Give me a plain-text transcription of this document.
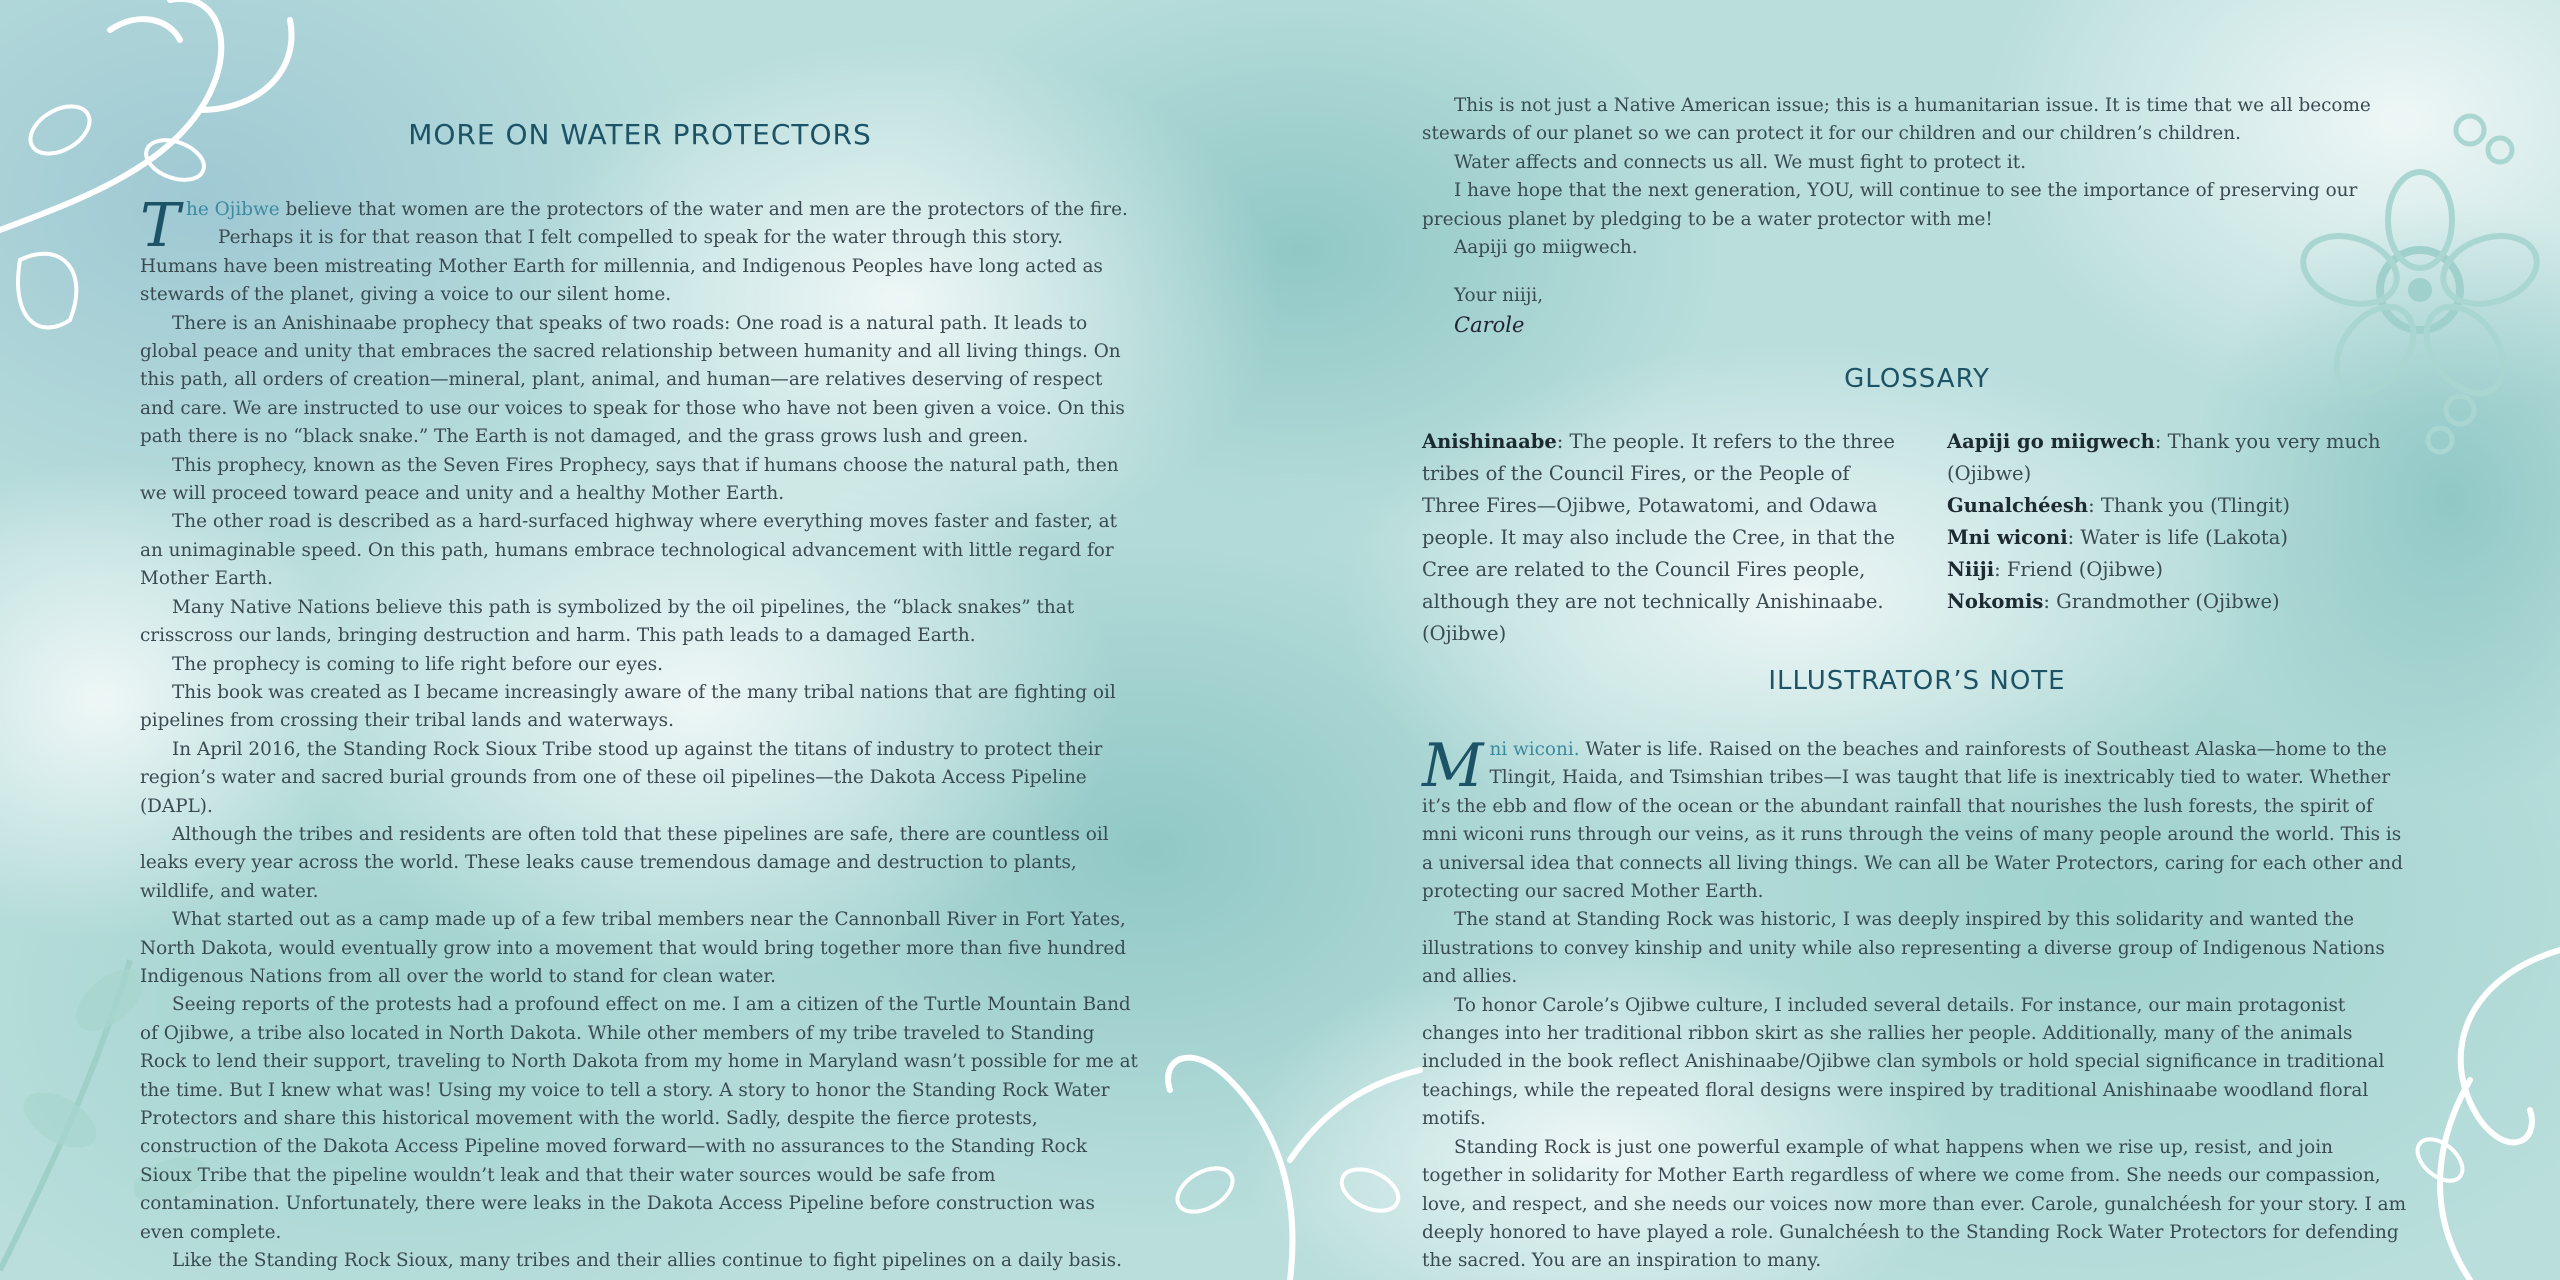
MORE ON WATER PROTECTORS

The Ojibwe believe that women are the protectors of the water and men are the protectors of the fire.

Perhaps it is for that reason that I felt compelled to speak for the water through this story. Humans have been mistreating Mother Earth for millennia, and Indigenous Peoples have long acted as stewards of the planet, giving a voice to our silent home.

There is an Anishinaabe prophecy that speaks of two roads: One road is a natural path. It leads to global peace and unity that embraces the sacred relationship between humanity and all living things. On this path, all orders of creation—mineral, plant, animal, and human—are relatives deserving of respect and care. We are instructed to use our voices to speak for those who have not been given a voice. On this path there is no “black snake.” The Earth is not damaged, and the grass grows lush and green.

This prophecy, known as the Seven Fires Prophecy, says that if humans choose the natural path, then we will proceed toward peace and unity and a healthy Mother Earth.

The other road is described as a hard-surfaced highway where everything moves faster and faster, at an unimaginable speed. On this path, humans embrace technological advancement with little regard for Mother Earth.

Many Native Nations believe this path is symbolized by the oil pipelines, the “black snakes” that crisscross our lands, bringing destruction and harm. This path leads to a damaged Earth.

The prophecy is coming to life right before our eyes.

This book was created as I became increasingly aware of the many tribal nations that are fighting oil pipelines from crossing their tribal lands and waterways.

In April 2016, the Standing Rock Sioux Tribe stood up against the titans of industry to protect their region’s water and sacred burial grounds from one of these oil pipelines—the Dakota Access Pipeline (DAPL).

Although the tribes and residents are often told that these pipelines are safe, there are countless oil leaks every year across the world. These leaks cause tremendous damage and destruction to plants, wildlife, and water.

What started out as a camp made up of a few tribal members near the Cannonball River in Fort Yates, North Dakota, would eventually grow into a movement that would bring together more than five hundred Indigenous Nations from all over the world to stand for clean water.

Seeing reports of the protests had a profound effect on me. I am a citizen of the Turtle Mountain Band of Ojibwe, a tribe also located in North Dakota. While other members of my tribe traveled to Standing Rock to lend their support, traveling to North Dakota from my home in Maryland wasn’t possible for me at the time. But I knew what was! Using my voice to tell a story. A story to honor the Standing Rock Water Protectors and share this historical movement with the world. Sadly, despite the fierce protests, construction of the Dakota Access Pipeline moved forward—with no assurances to the Standing Rock Sioux Tribe that the pipeline wouldn’t leak and that their water sources would be safe from contamination. Unfortunately, there were leaks in the Dakota Access Pipeline before construction was even complete.

Like the Standing Rock Sioux, many tribes and their allies continue to fight pipelines on a daily basis.

This is not just a Native American issue; this is a humanitarian issue. It is time that we all become stewards of our planet so we can protect it for our children and our children’s children.

Water affects and connects us all. We must fight to protect it.

I have hope that the next generation, YOU, will continue to see the importance of preserving our precious planet by pledging to be a water protector with me!

Aapiji go miigwech.

Your niiji,
Carole
GLOSSARY
Anishinaabe: The people. It refers to the three tribes of the Council Fires, or the People of Three Fires—Ojibwe, Potawatomi, and Odawa people. It may also include the Cree, in that the Cree are related to the Council Fires people, although they are not technically Anishinaabe. (Ojibwe)
Aapiji go miigwech: Thank you very much (Ojibwe)
Gunalchéesh: Thank you (Tlingit)
Mni wiconi: Water is life (Lakota)
Niiji: Friend (Ojibwe)
Nokomis: Grandmother (Ojibwe)
ILLUSTRATOR’S NOTE

Mni wiconi. Water is life. Raised on the beaches and rainforests of Southeast Alaska—home to the Tlingit, Haida, and Tsimshian tribes—I was taught that life is inextricably tied to water. Whether it’s the ebb and flow of the ocean or the abundant rainfall that nourishes the lush forests, the spirit of mni wiconi runs through our veins, as it runs through the veins of many people around the world. This is a universal idea that connects all living things. We can all be Water Protectors, caring for each other and protecting our sacred Mother Earth.

The stand at Standing Rock was historic, I was deeply inspired by this solidarity and wanted the illustrations to convey kinship and unity while also representing a diverse group of Indigenous Nations and allies.

To honor Carole’s Ojibwe culture, I included several details. For instance, our main protagonist changes into her traditional ribbon skirt as she rallies her people. Additionally, many of the animals included in the book reflect Anishinaabe/Ojibwe clan symbols or hold special significance in traditional teachings, while the repeated floral designs were inspired by traditional Anishinaabe woodland floral motifs.

Standing Rock is just one powerful example of what happens when we rise up, resist, and join together in solidarity for Mother Earth regardless of where we come from. She needs our compassion, love, and respect, and she needs our voices now more than ever. Carole, gunalchéesh for your story. I am deeply honored to have played a role. Gunalchéesh to the Standing Rock Water Protectors for defending the sacred. You are an inspiration to many.
